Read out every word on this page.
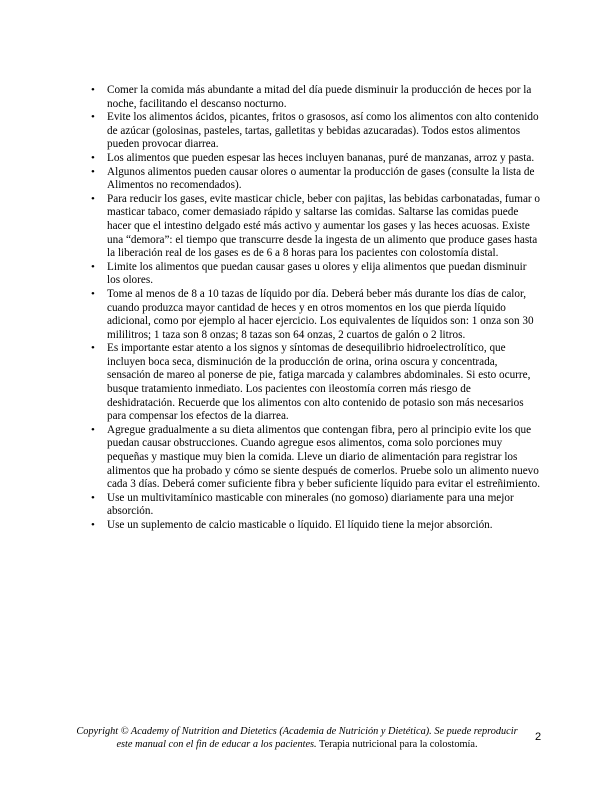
• Comer la comida más abundante a mitad del día puede disminuir la producción de heces por la noche, facilitando el descanso nocturno.
• Evite los alimentos ácidos, picantes, fritos o grasosos, así como los alimentos con alto contenido de azúcar (golosinas, pasteles, tartas, galletitas y bebidas azucaradas). Todos estos alimentos pueden provocar diarrea.
• Los alimentos que pueden espesar las heces incluyen bananas, puré de manzanas, arroz y pasta.
• Algunos alimentos pueden causar olores o aumentar la producción de gases (consulte la lista de Alimentos no recomendados).
• Para reducir los gases, evite masticar chicle, beber con pajitas, las bebidas carbonatadas, fumar o masticar tabaco, comer demasiado rápido y saltarse las comidas. Saltarse las comidas puede hacer que el intestino delgado esté más activo y aumentar los gases y las heces acuosas. Existe una “demora”: el tiempo que transcurre desde la ingesta de un alimento que produce gases hasta la liberación real de los gases es de 6 a 8 horas para los pacientes con colostomía distal.
• Limite los alimentos que puedan causar gases u olores y elija alimentos que puedan disminuir los olores.
• Tome al menos de 8 a 10 tazas de líquido por día. Deberá beber más durante los días de calor, cuando produzca mayor cantidad de heces y en otros momentos en los que pierda líquido adicional, como por ejemplo al hacer ejercicio. Los equivalentes de líquidos son: 1 onza son 30 mililitros; 1 taza son 8 onzas; 8 tazas son 64 onzas, 2 cuartos de galón o 2 litros.
• Es importante estar atento a los signos y síntomas de desequilibrio hidroelectrolítico, que incluyen boca seca, disminución de la producción de orina, orina oscura y concentrada, sensación de mareo al ponerse de pie, fatiga marcada y calambres abdominales. Si esto ocurre, busque tratamiento inmediato. Los pacientes con ileostomía corren más riesgo de deshidratación. Recuerde que los alimentos con alto contenido de potasio son más necesarios para compensar los efectos de la diarrea.
• Agregue gradualmente a su dieta alimentos que contengan fibra, pero al principio evite los que puedan causar obstrucciones. Cuando agregue esos alimentos, coma solo porciones muy pequeñas y mastique muy bien la comida. Lleve un diario de alimentación para registrar los alimentos que ha probado y cómo se siente después de comerlos. Pruebe solo un alimento nuevo cada 3 días. Deberá comer suficiente fibra y beber suficiente líquido para evitar el estreñimiento.
• Use un multivitamínico masticable con minerales (no gomoso) diariamente para una mejor absorción.
• Use un suplemento de calcio masticable o líquido. El líquido tiene la mejor absorción.
Copyright © Academy of Nutrition and Dietetics (Academia de Nutrición y Dietética). Se puede reproducir este manual con el fin de educar a los pacientes. Terapia nutricional para la colostomía.
2
